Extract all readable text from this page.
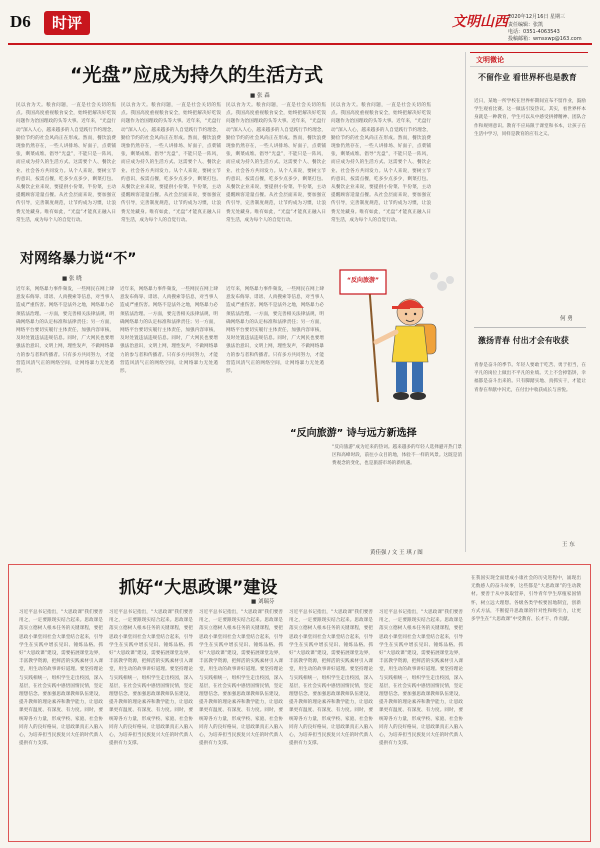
D6	时评	文明山西 2020年12月16日 星期三
责任编辑：张凯
电话：0351-4063543
投稿邮箱：wmsxwp@163.com
“光盘”应成为持久的生活方式
■ 张 森
民以食为天。粮食问题，一直是社会关切的焦点。我国高度重视粮食安全，始终把解决好吃饭问题作为治国理政的头等大事。近年来，“光盘行动”深入人心，越来越多的人自觉践行节约理念，勤俭节约的社会风尚正在形成。然而，餐饮浪费现象仍然存在，一些人讲排场、好面子，点菜铺张，剩菜成堆。倡导“光盘”，不能只是一阵风，而应成为持久的生活方式。这需要个人、餐饮企业、社会各方共同发力。从个人来说，要树立节约意识，按需点餐，吃多少点多少，剩菜打包。从餐饮企业来说，要提供小份菜、半份菜，主动提醒顾客适量点餐。从社会层面来说，要加强宣传引导，完善制度规范，让节约成为习惯，让浪费无处藏身。唯有如此，“光盘”才能真正融入日常生活，成为每个人的自觉行动。
民以食为天。粮食问题，一直是社会关切的焦点。我国高度重视粮食安全，始终把解决好吃饭问题作为治国理政的头等大事。近年来，“光盘行动”深入人心，越来越多的人自觉践行节约理念，勤俭节约的社会风尚正在形成。然而，餐饮浪费现象仍然存在，一些人讲排场、好面子，点菜铺张，剩菜成堆。倡导“光盘”，不能只是一阵风，而应成为持久的生活方式。这需要个人、餐饮企业、社会各方共同发力。从个人来说，要树立节约意识，按需点餐，吃多少点多少，剩菜打包。从餐饮企业来说，要提供小份菜、半份菜，主动提醒顾客适量点餐。从社会层面来说，要加强宣传引导，完善制度规范，让节约成为习惯，让浪费无处藏身。唯有如此，“光盘”才能真正融入日常生活，成为每个人的自觉行动。
民以食为天。粮食问题，一直是社会关切的焦点。我国高度重视粮食安全，始终把解决好吃饭问题作为治国理政的头等大事。近年来，“光盘行动”深入人心，越来越多的人自觉践行节约理念，勤俭节约的社会风尚正在形成。然而，餐饮浪费现象仍然存在，一些人讲排场、好面子，点菜铺张，剩菜成堆。倡导“光盘”，不能只是一阵风，而应成为持久的生活方式。这需要个人、餐饮企业、社会各方共同发力。从个人来说，要树立节约意识，按需点餐，吃多少点多少，剩菜打包。从餐饮企业来说，要提供小份菜、半份菜，主动提醒顾客适量点餐。从社会层面来说，要加强宣传引导，完善制度规范，让节约成为习惯，让浪费无处藏身。唯有如此，“光盘”才能真正融入日常生活，成为每个人的自觉行动。
民以食为天。粮食问题，一直是社会关切的焦点。我国高度重视粮食安全，始终把解决好吃饭问题作为治国理政的头等大事。近年来，“光盘行动”深入人心，越来越多的人自觉践行节约理念，勤俭节约的社会风尚正在形成。然而，餐饮浪费现象仍然存在，一些人讲排场、好面子，点菜铺张，剩菜成堆。倡导“光盘”，不能只是一阵风，而应成为持久的生活方式。这需要个人、餐饮企业、社会各方共同发力。从个人来说，要树立节约意识，按需点餐，吃多少点多少，剩菜打包。从餐饮企业来说，要提供小份菜、半份菜，主动提醒顾客适量点餐。从社会层面来说，要加强宣传引导，完善制度规范，让节约成为习惯，让浪费无处藏身。唯有如此，“光盘”才能真正融入日常生活，成为每个人的自觉行动。
文明微论
不留作业 看世界杯也是教育
近日，某地一所学校在世界杯期间宣布不留作业，鼓励学生观看比赛。这一做法引发热议。其实，看世界杯本身就是一种教育，学生可以从中感受拼搏精神、团队合作和规则意识。教育不应局限于课堂和书本，让孩子在生活中学习，同样是教育的应有之义。
何 勇
激扬青春 付出才会有收获
青春是奋斗的季节。年轻人要敢于吃苦、勇于担当，在平凡的岗位上做出不平凡的业绩。天上不会掉馅饼，幸福都是奋斗出来的。只有脚踏实地、真抓实干，才能让青春在奉献中闪光，在付出中收获成长与喜悦。
王 东
对网络暴力说“不”
■ 张 晓
近年来，网络暴力事件频发，一些网民在网上肆意发布侮辱、诽谤、人肉搜索等信息，对当事人造成严重伤害。网络不是法外之地，网络暴力必须依法治理。一方面，要完善相关法律法规，明确网络暴力的认定标准和法律责任；另一方面，网络平台要切实履行主体责任，加强内容审核，及时处置违法违规信息。同时，广大网民也要增强法治意识，文明上网，理性发声，不做网络暴力的参与者和传播者。只有多方共同努力，才能营造风清气正的网络空间，让网络暴力无处遁形。
近年来，网络暴力事件频发，一些网民在网上肆意发布侮辱、诽谤、人肉搜索等信息，对当事人造成严重伤害。网络不是法外之地，网络暴力必须依法治理。一方面，要完善相关法律法规，明确网络暴力的认定标准和法律责任；另一方面，网络平台要切实履行主体责任，加强内容审核，及时处置违法违规信息。同时，广大网民也要增强法治意识，文明上网，理性发声，不做网络暴力的参与者和传播者。只有多方共同努力，才能营造风清气正的网络空间，让网络暴力无处遁形。
近年来，网络暴力事件频发，一些网民在网上肆意发布侮辱、诽谤、人肉搜索等信息，对当事人造成严重伤害。网络不是法外之地，网络暴力必须依法治理。一方面，要完善相关法律法规，明确网络暴力的认定标准和法律责任；另一方面，网络平台要切实履行主体责任，加强内容审核，及时处置违法违规信息。同时，广大网民也要增强法治意识，文明上网，理性发声，不做网络暴力的参与者和传播者。只有多方共同努力，才能营造风清气正的网络空间，让网络暴力无处遁形。
“反向旅游”
“反向旅游” 诗与远方新选择
“反向旅游”成为近来的热词。越来越多的年轻人选择避开热门景区和高峰时段，前往小众目的地，体验不一样的风景。这既是消费观念的变化，也是旅游市场的新机遇。
黄佳强 / 文 王 琪 / 图
抓好“大思政课”建设
■ 刘瑞芬
习近平总书记指出，“大思政课”我们要善用之，一定要跟现实结合起来。思政课是落实立德树人根本任务的关键课程，要把思政小课堂同社会大课堂结合起来，引导学生在实践中增长见识、锤炼品格。抓好“大思政课”建设，需要拓展课堂边界，丰富教学资源，把鲜活的实践素材引入课堂，用生动的故事讲好道理。要坚持理论与实践相统一，组织学生走出校园，深入基层，在社会实践中感悟国情民情，坚定理想信念。要加强思政课教师队伍建设，提升教师的理论素养和教学能力，让思政课更有温度、有深度、有力度。同时，要统筹各方力量，形成学校、家庭、社会协同育人的良好格局，让思政课真正入脑入心，为培养担当民族复兴大任的时代新人提供有力支撑。
习近平总书记指出，“大思政课”我们要善用之，一定要跟现实结合起来。思政课是落实立德树人根本任务的关键课程，要把思政小课堂同社会大课堂结合起来，引导学生在实践中增长见识、锤炼品格。抓好“大思政课”建设，需要拓展课堂边界，丰富教学资源，把鲜活的实践素材引入课堂，用生动的故事讲好道理。要坚持理论与实践相统一，组织学生走出校园，深入基层，在社会实践中感悟国情民情，坚定理想信念。要加强思政课教师队伍建设，提升教师的理论素养和教学能力，让思政课更有温度、有深度、有力度。同时，要统筹各方力量，形成学校、家庭、社会协同育人的良好格局，让思政课真正入脑入心，为培养担当民族复兴大任的时代新人提供有力支撑。
习近平总书记指出，“大思政课”我们要善用之，一定要跟现实结合起来。思政课是落实立德树人根本任务的关键课程，要把思政小课堂同社会大课堂结合起来，引导学生在实践中增长见识、锤炼品格。抓好“大思政课”建设，需要拓展课堂边界，丰富教学资源，把鲜活的实践素材引入课堂，用生动的故事讲好道理。要坚持理论与实践相统一，组织学生走出校园，深入基层，在社会实践中感悟国情民情，坚定理想信念。要加强思政课教师队伍建设，提升教师的理论素养和教学能力，让思政课更有温度、有深度、有力度。同时，要统筹各方力量，形成学校、家庭、社会协同育人的良好格局，让思政课真正入脑入心，为培养担当民族复兴大任的时代新人提供有力支撑。
习近平总书记指出，“大思政课”我们要善用之，一定要跟现实结合起来。思政课是落实立德树人根本任务的关键课程，要把思政小课堂同社会大课堂结合起来，引导学生在实践中增长见识、锤炼品格。抓好“大思政课”建设，需要拓展课堂边界，丰富教学资源，把鲜活的实践素材引入课堂，用生动的故事讲好道理。要坚持理论与实践相统一，组织学生走出校园，深入基层，在社会实践中感悟国情民情，坚定理想信念。要加强思政课教师队伍建设，提升教师的理论素养和教学能力，让思政课更有温度、有深度、有力度。同时，要统筹各方力量，形成学校、家庭、社会协同育人的良好格局，让思政课真正入脑入心，为培养担当民族复兴大任的时代新人提供有力支撑。
习近平总书记指出，“大思政课”我们要善用之，一定要跟现实结合起来。思政课是落实立德树人根本任务的关键课程，要把思政小课堂同社会大课堂结合起来，引导学生在实践中增长见识、锤炼品格。抓好“大思政课”建设，需要拓展课堂边界，丰富教学资源，把鲜活的实践素材引入课堂，用生动的故事讲好道理。要坚持理论与实践相统一，组织学生走出校园，深入基层，在社会实践中感悟国情民情，坚定理想信念。要加强思政课教师队伍建设，提升教师的理论素养和教学能力，让思政课更有温度、有深度、有力度。同时，要统筹各方力量，形成学校、家庭、社会协同育人的良好格局，让思政课真正入脑入心，为培养担当民族复兴大任的时代新人提供有力支撑。
在我国实现全面建成小康社会的历史进程中，涌现出无数感人的奋斗故事，这些都是“大思政课”的生动教材。要善于从中汲取营养，引导青年学生厚植家国情怀，树立远大理想。各级各类学校要因地制宜，创新方式方法，不断提升思政课的针对性和吸引力，让更多学生在“大思政课”中受教育、长才干、作贡献。
